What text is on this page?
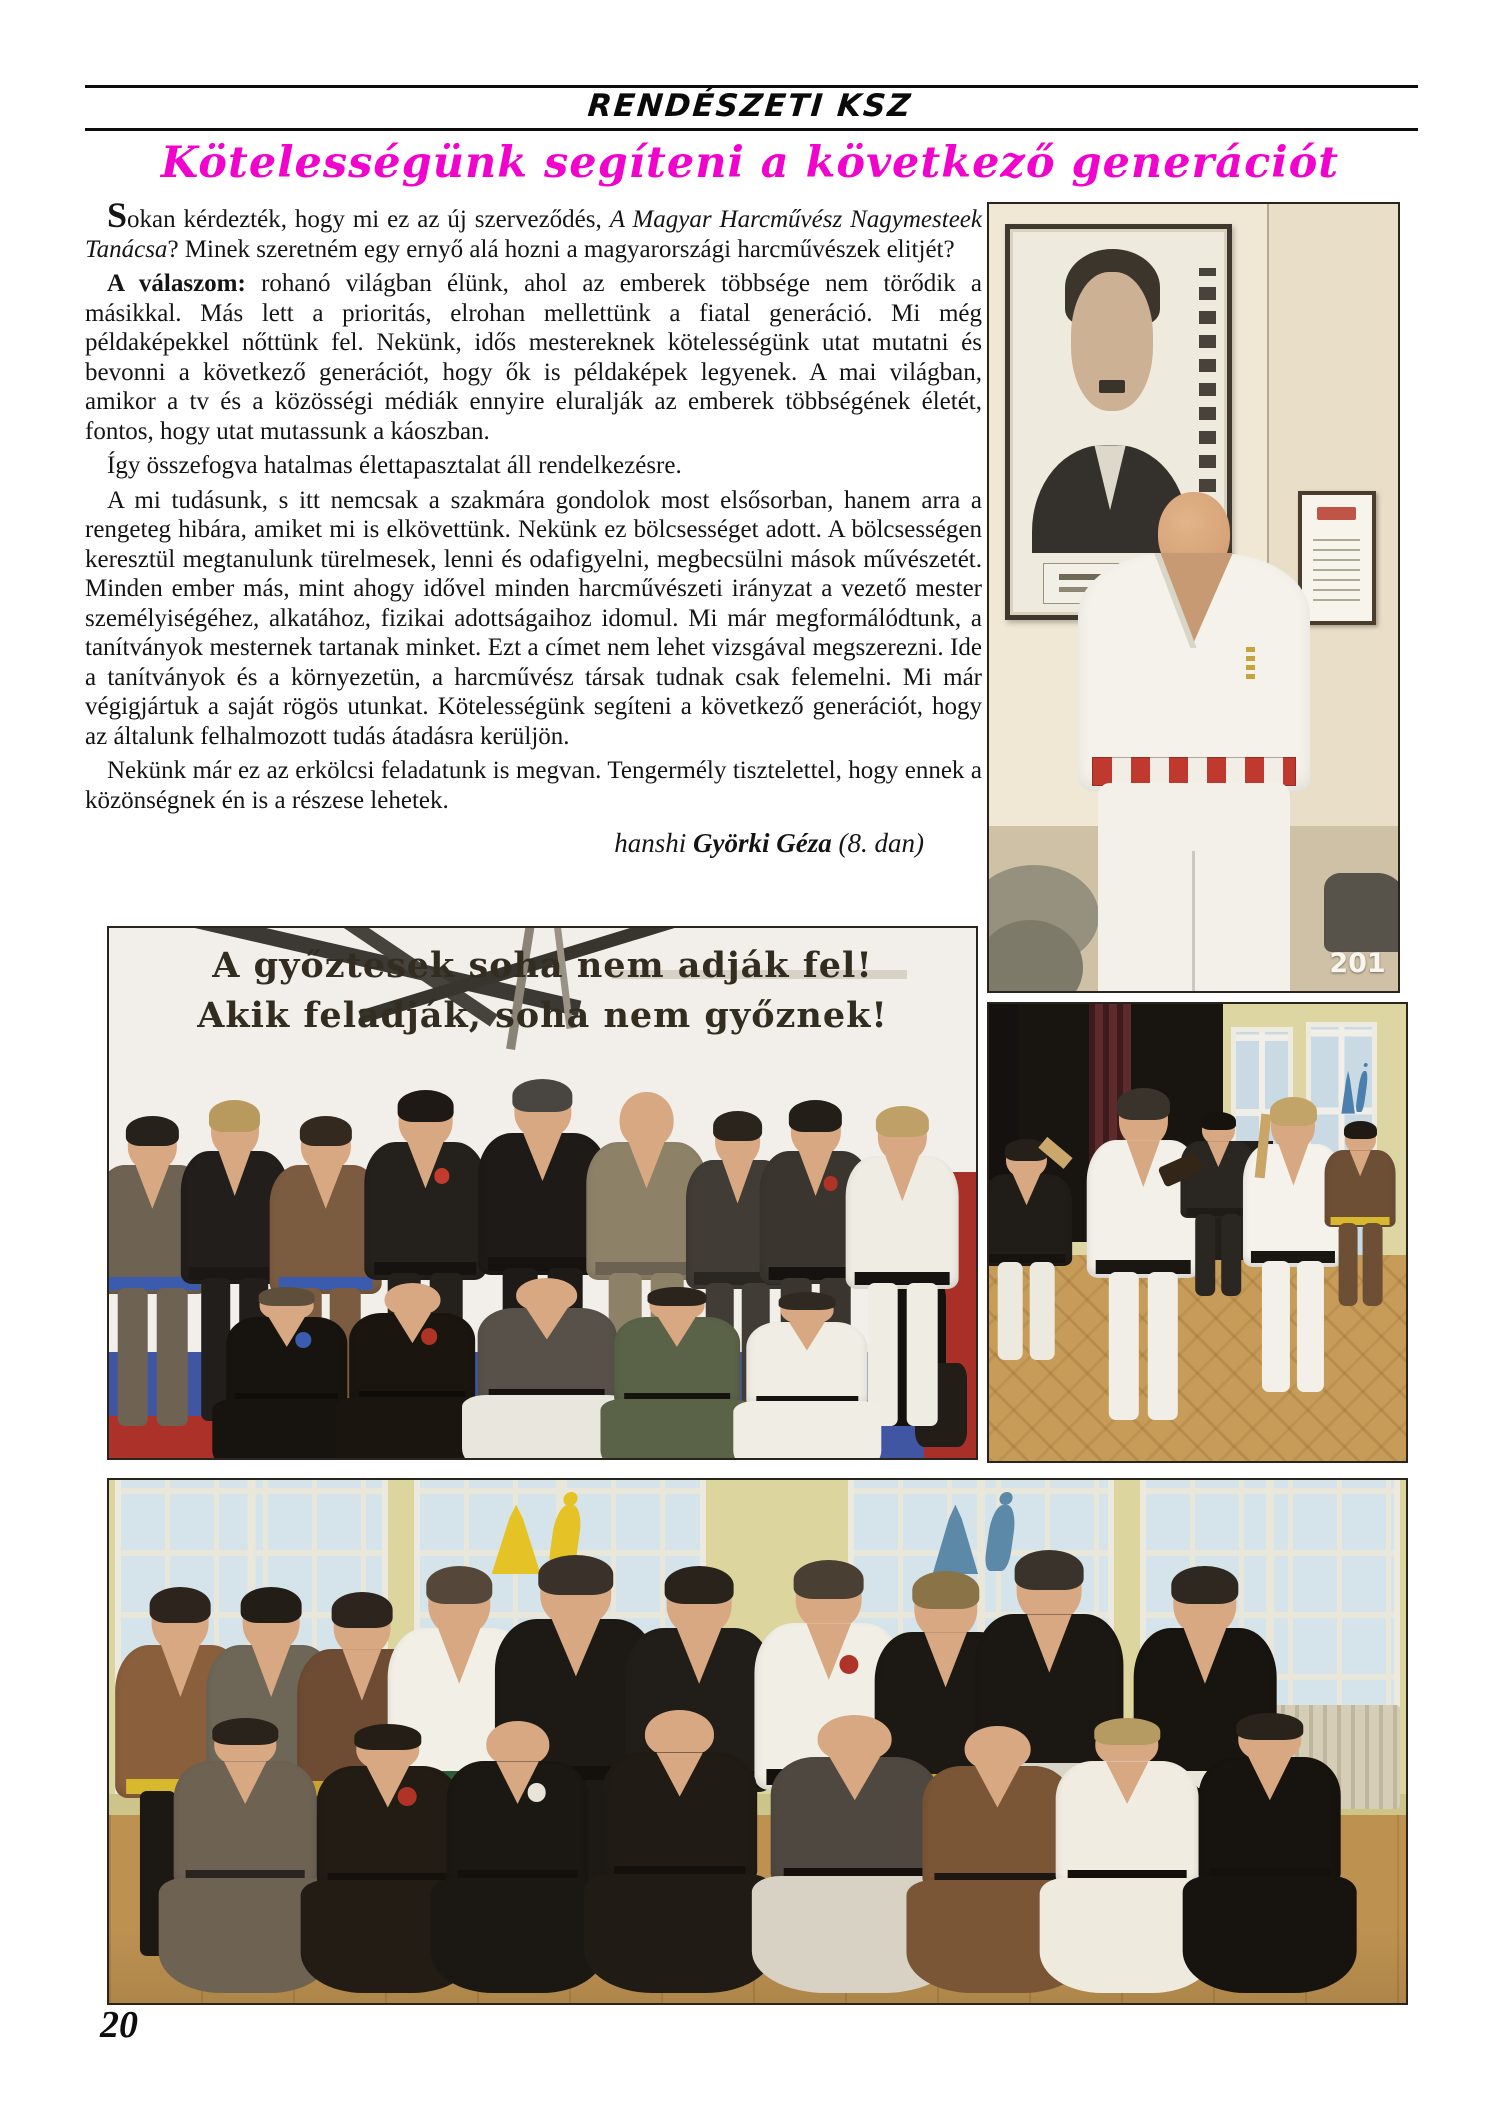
RENDÉSZETI KSZ
Kötelességünk segíteni a következő generációt

Sokan kérdezték, hogy mi ez az új szerveződés, A Magyar Harcművész Nagymesteek Tanácsa? Minek szeretném egy ernyő alá hozni a magyarországi harcművészek elitjét?

A válaszom: rohanó világban élünk, ahol az emberek többsége nem törődik a másikkal. Más lett a prioritás, elrohan mellettünk a fiatal generáció. Mi még példaképekkel nőttünk fel. Nekünk, idős mestereknek kötelességünk utat mutatni és bevonni a következő generációt, hogy ők is példaképek legyenek. A mai világban, amikor a tv és a közösségi médiák ennyire eluralják az emberek többségének életét, fontos, hogy utat mutassunk a káoszban.

Így összefogva hatalmas élettapasztalat áll rendelkezésre.

A mi tudásunk, s itt nemcsak a szakmára gondolok most elsősorban, hanem arra a rengeteg hibára, amiket mi is elkövettünk. Nekünk ez bölcsességet adott. A bölcsességen keresztül megtanulunk türelmesek, lenni és odafigyelni, megbecsülni mások művészetét. Minden ember más, mint ahogy idővel minden harcművészeti irányzat a vezető mester személyiségéhez, alkatához, fizikai adottságaihoz idomul. Mi már megformálódtunk, a tanítványok mesternek tartanak minket. Ezt a címet nem lehet vizsgával megszerezni. Ide a tanítványok és a környezetün, a harcművész társak tudnak csak felemelni. Mi már végigjártuk a saját rögös utunkat. Kötelességünk segíteni a következő generációt, hogy az általunk felhalmozott tudás átadásra kerüljön.

Nekünk már ez az erkölcsi feladatunk is megvan. Tengermély tisztelettel, hogy ennek a közönségnek én is a részese lehetek.

hanshi Györki Géza (8. dan)
201
A győztesek soha nem adják fel!
Akik feladják, soha nem győznek!
20
